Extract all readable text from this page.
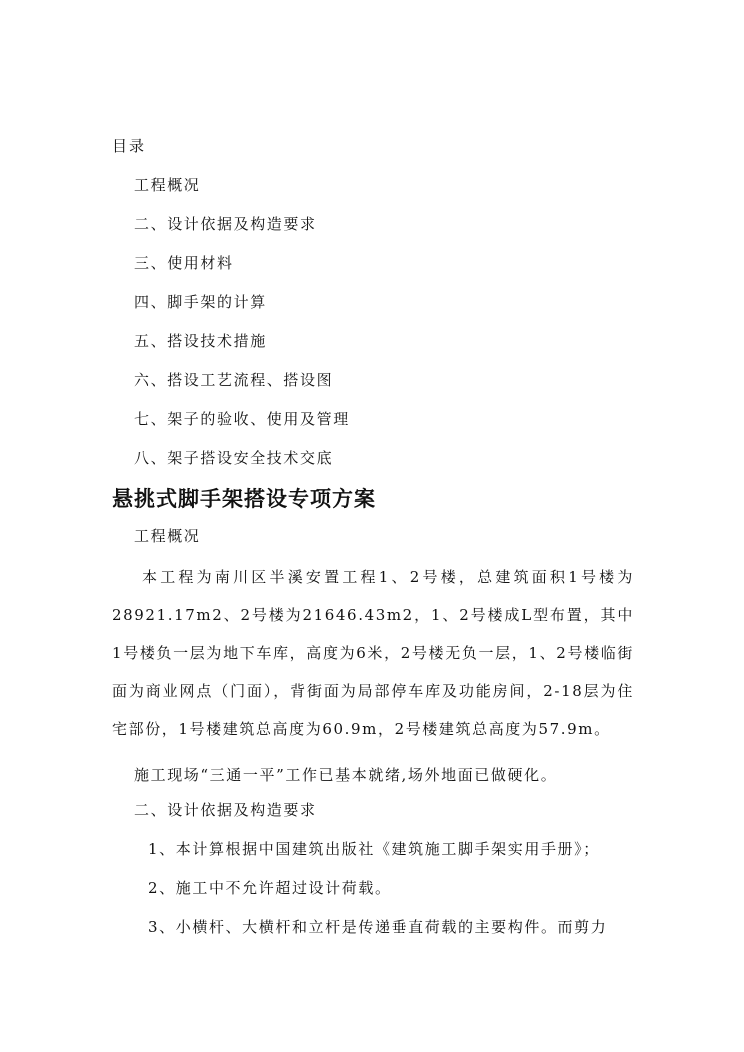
目录
工程概况
二、设计依据及构造要求
三、使用材料
四、脚手架的计算
五、搭设技术措施
六、搭设工艺流程、搭设图
七、架子的验收、使用及管理
八、架子搭设安全技术交底
悬挑式脚手架搭设专项方案
工程概况
本工程为南川区半溪安置工程1、2号楼，总建筑面积1号楼为28921.17m2、2号楼为21646.43m2，1、2号楼成L型布置，其中1号楼负一层为地下车库，高度为6米，2号楼无负一层，1、2号楼临街面为商业网点（门面），背街面为局部停车库及功能房间，2-18层为住宅部份，1号楼建筑总高度为60.9m，2号楼建筑总高度为57.9m。
施工现场“三通一平”工作已基本就绪,场外地面已做硬化。
二、设计依据及构造要求
1、本计算根据中国建筑出版社《建筑施工脚手架实用手册》；
2、施工中不允许超过设计荷载。
3、小横杆、大横杆和立杆是传递垂直荷载的主要构件。而剪力
